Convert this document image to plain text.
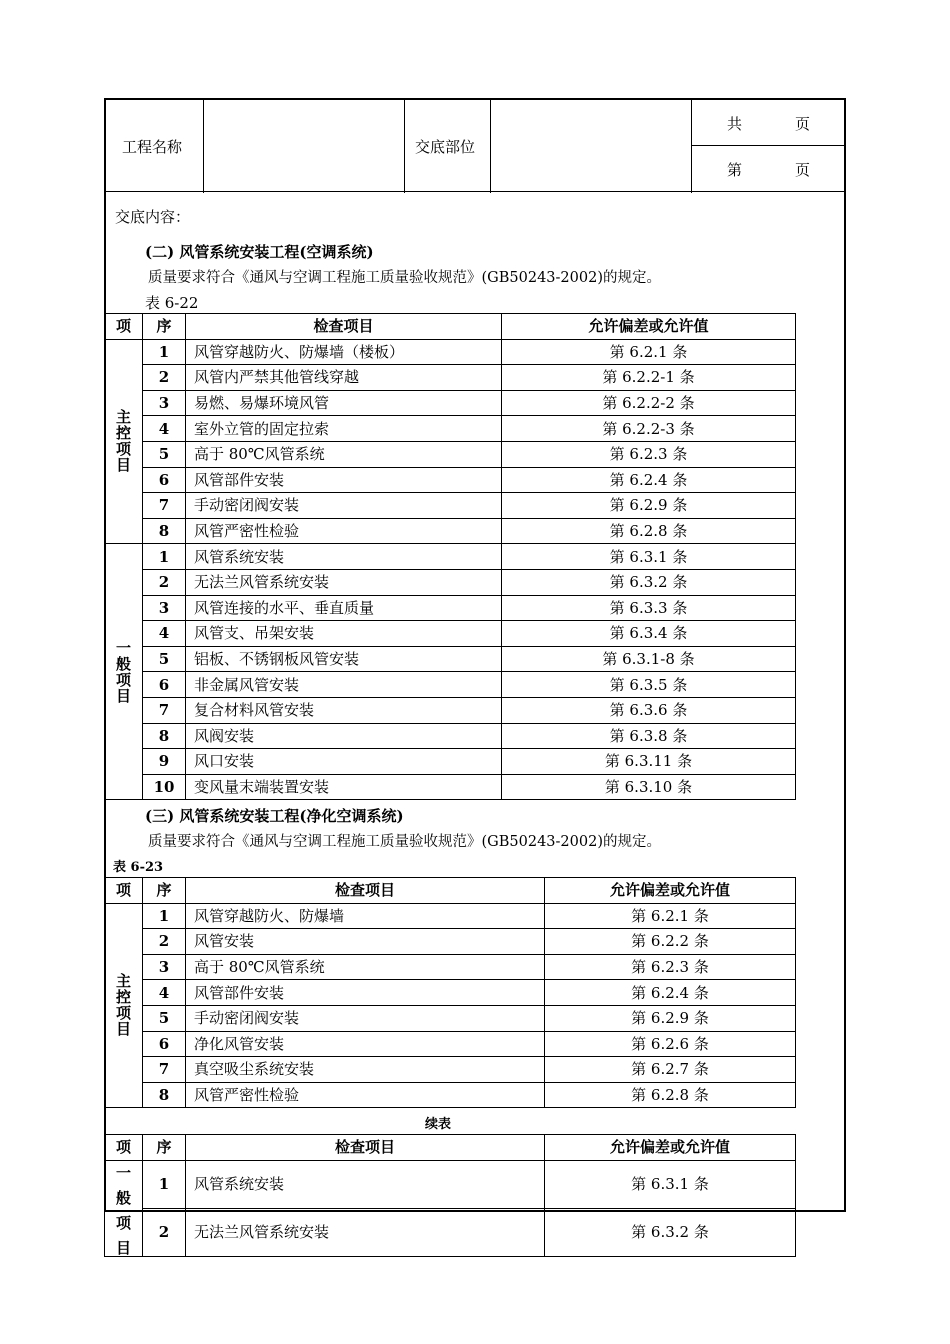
工程名称	交底部位
共	页
第	页
交底内容：
(二) 风管系统安装工程(空调系统)
质量要求符合《通风与空调工程施工质量验收规范》(GB50243-2002)的规定。
表 6-22
项	序	检查项目	允许偏差或允许值
主控项目	1	风管穿越防火、防爆墙（楼板）	第 6.2.1 条
	2	风管内严禁其他管线穿越	第 6.2.2-1 条
	3	易燃、易爆环境风管	第 6.2.2-2 条
	4	室外立管的固定拉索	第 6.2.2-3 条
	5	高于 80℃风管系统	第 6.2.3 条
	6	风管部件安装	第 6.2.4 条
	7	手动密闭阀安装	第 6.2.9 条
	8	风管严密性检验	第 6.2.8 条
一般项目	1	风管系统安装	第 6.3.1 条
	2	无法兰风管系统安装	第 6.3.2 条
	3	风管连接的水平、垂直质量	第 6.3.3 条
	4	风管支、吊架安装	第 6.3.4 条
	5	铝板、不锈钢板风管安装	第 6.3.1-8 条
	6	非金属风管安装	第 6.3.5 条
	7	复合材料风管安装	第 6.3.6 条
	8	风阀安装	第 6.3.8 条
	9	风口安装	第 6.3.11 条
	10	变风量末端装置安装	第 6.3.10 条
(三) 风管系统安装工程(净化空调系统)
质量要求符合《通风与空调工程施工质量验收规范》(GB50243-2002)的规定。
表 6-23
项	序	检查项目	允许偏差或允许值
主控项目	1	风管穿越防火、防爆墙	第 6.2.1 条
	2	风管安装	第 6.2.2 条
	3	高于 80℃风管系统	第 6.2.3 条
	4	风管部件安装	第 6.2.4 条
	5	手动密闭阀安装	第 6.2.9 条
	6	净化风管安装	第 6.2.6 条
	7	真空吸尘系统安装	第 6.2.7 条
	8	风管严密性检验	第 6.2.8 条
续表
项	序	检查项目	允许偏差或允许值
一般项目	1	风管系统安装	第 6.3.1 条
	2	无法兰风管系统安装	第 6.3.2 条
